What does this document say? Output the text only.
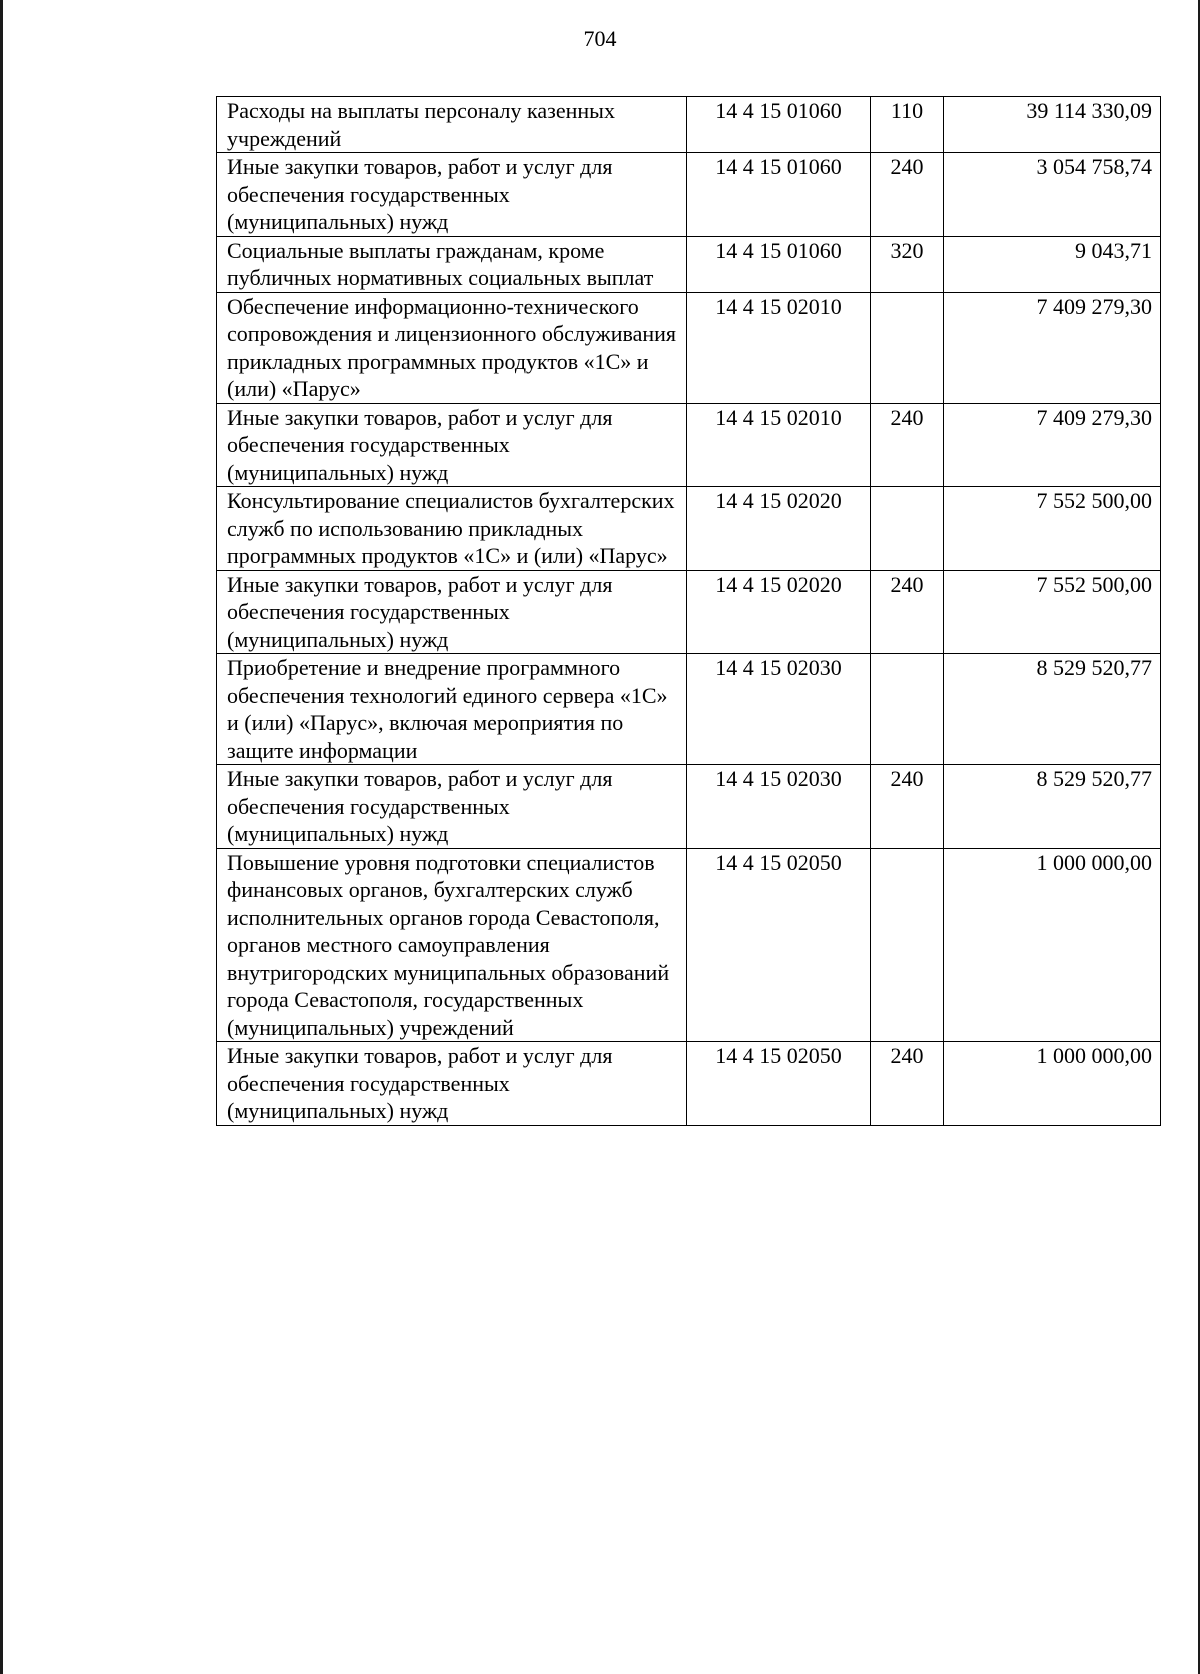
704
Расходы на выплаты персоналу казенных учреждений	14 4 15 01060	110	39 114 330,09
Иные закупки товаров, работ и услуг для обеспечения государственных (муниципальных) нужд	14 4 15 01060	240	3 054 758,74
Социальные выплаты гражданам, кроме публичных нормативных социальных выплат	14 4 15 01060	320	9 043,71
Обеспечение информационно-технического сопровождения и лицензионного обслуживания прикладных программных продуктов «1С» и (или) «Парус»	14 4 15 02010		7 409 279,30
Иные закупки товаров, работ и услуг для обеспечения государственных (муниципальных) нужд	14 4 15 02010	240	7 409 279,30
Консультирование специалистов бухгалтерских служб по использованию прикладных программных продуктов «1С» и (или) «Парус»	14 4 15 02020		7 552 500,00
Иные закупки товаров, работ и услуг для обеспечения государственных (муниципальных) нужд	14 4 15 02020	240	7 552 500,00
Приобретение и внедрение программного обеспечения технологий единого сервера «1С» и (или) «Парус», включая мероприятия по защите информации	14 4 15 02030		8 529 520,77
Иные закупки товаров, работ и услуг для обеспечения государственных (муниципальных) нужд	14 4 15 02030	240	8 529 520,77
Повышение уровня подготовки специалистов финансовых органов, бухгалтерских служб исполнительных органов города Севастополя, органов местного самоуправления внутригородских муниципальных образований города Севастополя, государственных (муниципальных) учреждений	14 4 15 02050		1 000 000,00
Иные закупки товаров, работ и услуг для обеспечения государственных (муниципальных) нужд	14 4 15 02050	240	1 000 000,00
